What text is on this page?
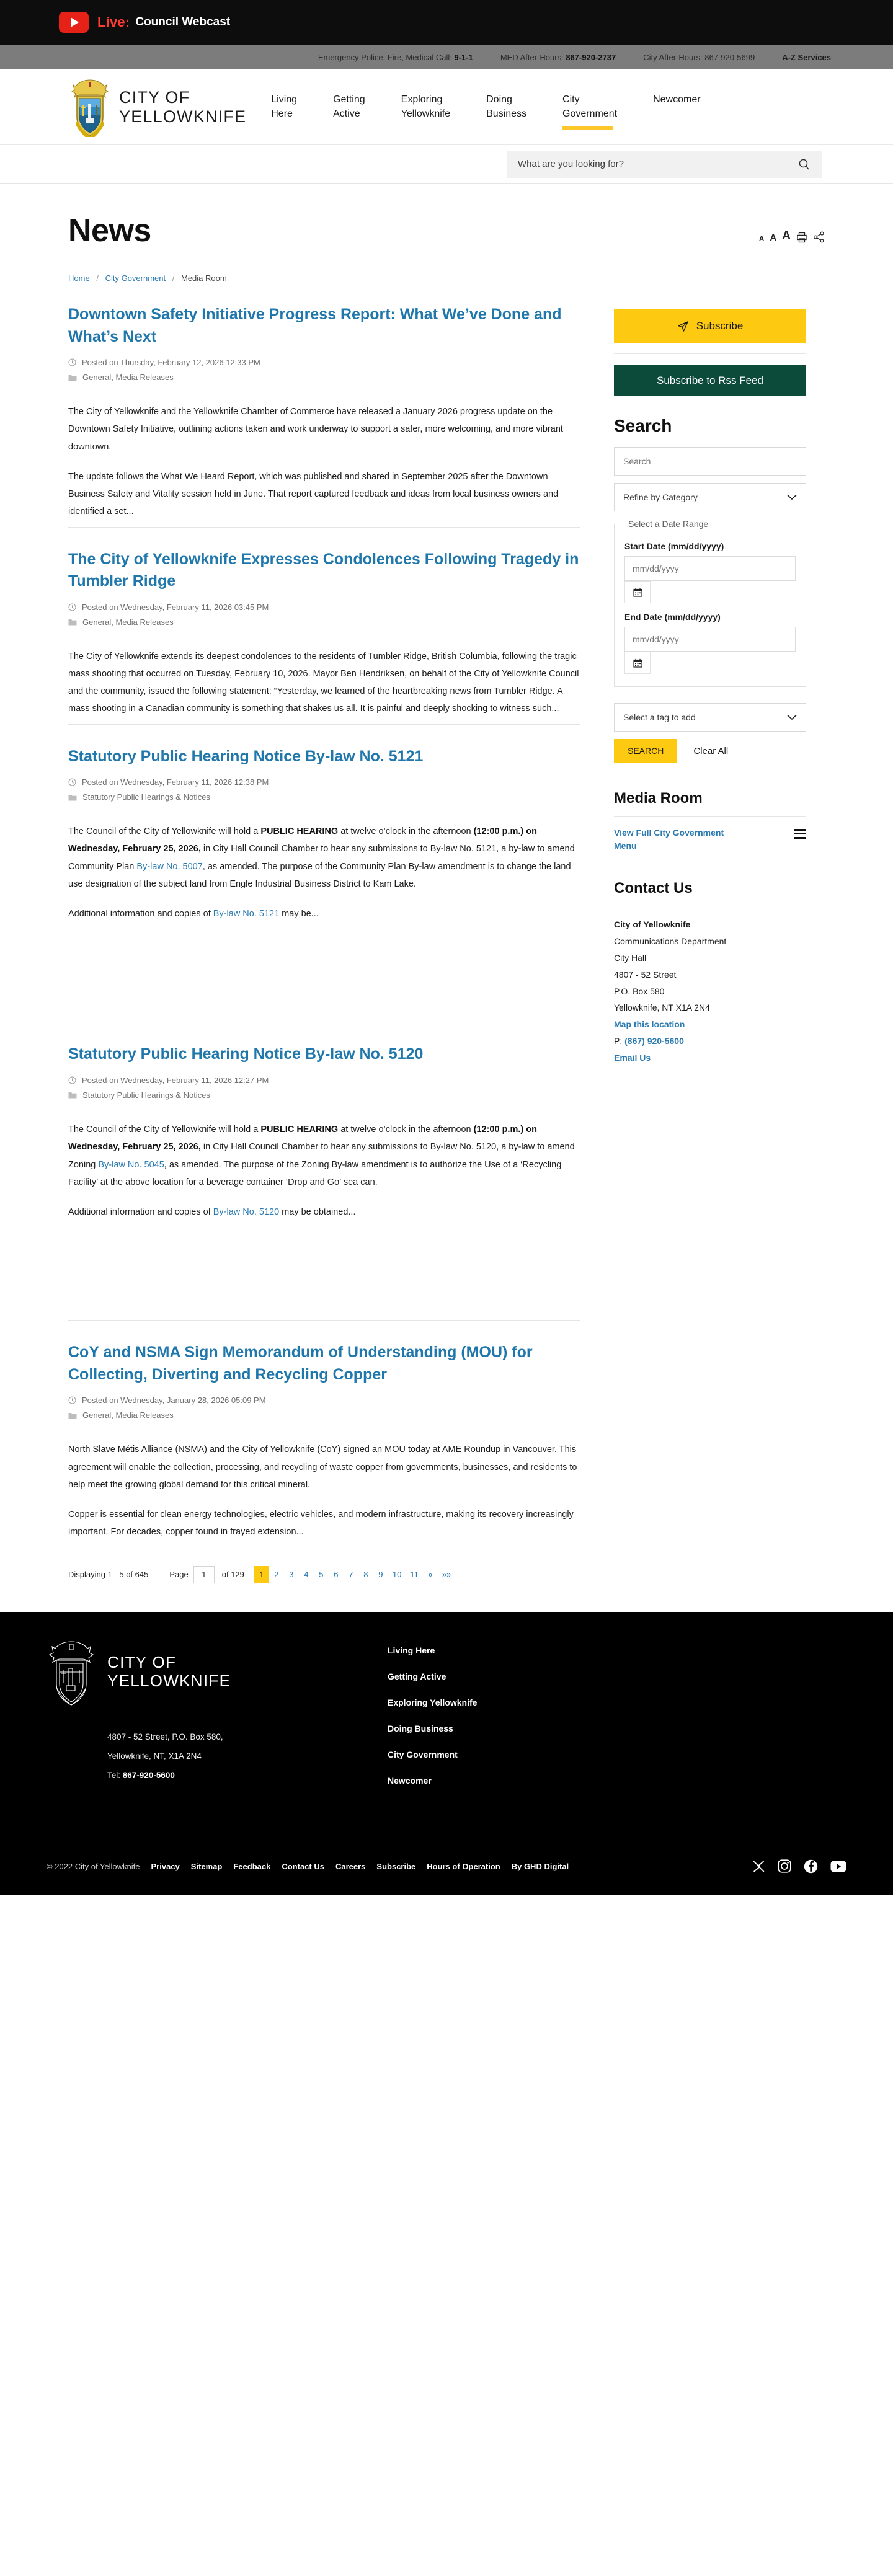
Live: Council Webcast
Emergency Police, Fire, Medical Call: 9-1-1	MED After-Hours: 867-920-2737	City After-Hours: 867-920-5699	A-Z Services
CITY OF
YELLOWKNIFE
Living
Here
Getting
Active
Exploring
Yellowknife
Doing
Business
City
Government
Newcomer
What are you looking for?
News	A A A
Home / City Government / Media Room
Downtown Safety Initiative Progress Report: What We’ve Done and What’s Next
Posted on Thursday, February 12, 2026 12:33 PM
General, Media Releases

The City of Yellowknife and the Yellowknife Chamber of Commerce have released a January 2026 progress update on the Downtown Safety Initiative, outlining actions taken and work underway to support a safer, more welcoming, and more vibrant downtown.

The update follows the What We Heard Report, which was published and shared in September 2025 after the Downtown Business Safety and Vitality session held in June. That report captured feedback and ideas from local business owners and identified a set...

The City of Yellowknife Expresses Condolences Following Tragedy in Tumbler Ridge
Posted on Wednesday, February 11, 2026 03:45 PM
General, Media Releases

The City of Yellowknife extends its deepest condolences to the residents of Tumbler Ridge, British Columbia, following the tragic mass shooting that occurred on Tuesday, February 10, 2026. Mayor Ben Hendriksen, on behalf of the City of Yellowknife Council and the community, issued the following statement: “Yesterday, we learned of the heartbreaking news from Tumbler Ridge. A mass shooting in a Canadian community is something that shakes us all. It is painful and deeply shocking to witness such...

Statutory Public Hearing Notice By-law No. 5121
Posted on Wednesday, February 11, 2026 12:38 PM
Statutory Public Hearings & Notices

The Council of the City of Yellowknife will hold a PUBLIC HEARING at twelve o’clock in the afternoon (12:00 p.m.) on Wednesday, February 25, 2026, in City Hall Council Chamber to hear any submissions to By-law No. 5121, a by-law to amend Community Plan By-law No. 5007, as amended. The purpose of the Community Plan By-law amendment is to change the land use designation of the subject land from Engle Industrial Business District to Kam Lake.

Additional information and copies of By-law No. 5121 may be...

Statutory Public Hearing Notice By-law No. 5120
Posted on Wednesday, February 11, 2026 12:27 PM
Statutory Public Hearings & Notices

The Council of the City of Yellowknife will hold a PUBLIC HEARING at twelve o’clock in the afternoon (12:00 p.m.) on Wednesday, February 25, 2026, in City Hall Council Chamber to hear any submissions to By-law No. 5120, a by-law to amend Zoning By-law No. 5045, as amended. The purpose of the Zoning By-law amendment is to authorize the Use of a ‘Recycling Facility’ at the above location for a beverage container ‘Drop and Go’ sea can.

Additional information and copies of By-law No. 5120 may be obtained...

CoY and NSMA Sign Memorandum of Understanding (MOU) for Collecting, Diverting and Recycling Copper
Posted on Wednesday, January 28, 2026 05:09 PM
General, Media Releases

North Slave Métis Alliance (NSMA) and the City of Yellowknife (CoY) signed an MOU today at AME Roundup in Vancouver. This agreement will enable the collection, processing, and recycling of waste copper from governments, businesses, and residents to help meet the growing global demand for this critical mineral.

Copper is essential for clean energy technologies, electric vehicles, and modern infrastructure, making its recovery increasingly important. For decades, copper found in frayed extension...

Subscribe
Subscribe to Rss Feed
Search
Search
Refine by Category
Select a Date Range
Start Date (mm/dd/yyyy)
mm/dd/yyyy
End Date (mm/dd/yyyy)
mm/dd/yyyy
Select a tag to add
SEARCH	Clear All
Media Room
View Full City Government Menu
Contact Us
City of Yellowknife
Communications Department
City Hall
4807 - 52 Street
P.O. Box 580
Yellowknife, NT X1A 2N4
Map this location
P: (867) 920-5600
Email Us
Displaying 1 - 5 of 645	Page
1	of 129	1	2	3	4	5	6	7	8	9	10	11	»	»»
CITY OF
YELLOWKNIFE
4807 - 52 Street, P.O. Box 580,
Yellowknife, NT, X1A 2N4
Tel: 867-920-5600
Living Here
Getting Active
Exploring Yellowknife
Doing Business
City Government
Newcomer
© 2022 City of Yellowknife Privacy Sitemap Feedback Contact Us Careers Subscribe Hours of Operation By GHD Digital
